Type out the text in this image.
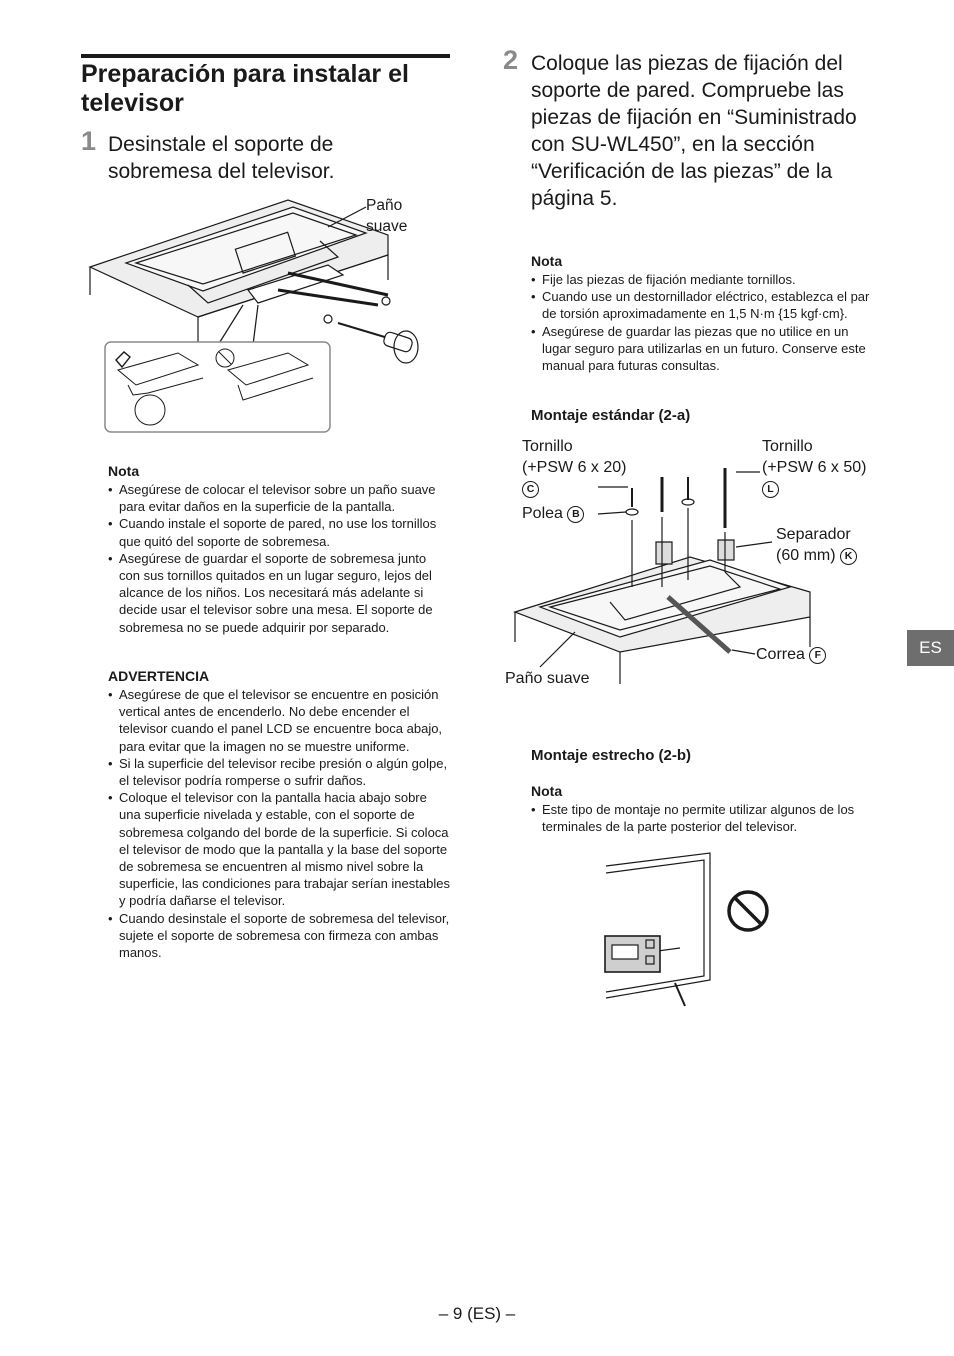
Preparación para instalar el televisor
1 Desinstale el soporte de sobremesa del televisor.
Paño suave
Nota
• Asegúrese de colocar el televisor sobre un paño suave para evitar daños en la superficie de la pantalla.
• Cuando instale el soporte de pared, no use los tornillos que quitó del soporte de sobremesa.
• Asegúrese de guardar el soporte de sobremesa junto con sus tornillos quitados en un lugar seguro, lejos del alcance de los niños. Los necesitará más adelante si decide usar el televisor sobre una mesa. El soporte de sobremesa no se puede adquirir por separado.
ADVERTENCIA
• Asegúrese de que el televisor se encuentre en posición vertical antes de encenderlo. No debe encender el televisor cuando el panel LCD se encuentre boca abajo, para evitar que la imagen no se muestre uniforme.
• Si la superficie del televisor recibe presión o algún golpe, el televisor podría romperse o sufrir daños.
• Coloque el televisor con la pantalla hacia abajo sobre una superficie nivelada y estable, con el soporte de sobremesa colgando del borde de la superficie. Si coloca el televisor de modo que la pantalla y la base del soporte de sobremesa se encuentren al mismo nivel sobre la superficie, las condiciones para trabajar serían inestables y podría dañarse el televisor.
• Cuando desinstale el soporte de sobremesa del televisor, sujete el soporte de sobremesa con firmeza con ambas manos.
2 Coloque las piezas de fijación del soporte de pared. Compruebe las piezas de fijación en “Suministrado con SU-WL450”, en la sección “Verificación de las piezas” de la página 5.
Nota
• Fije las piezas de fijación mediante tornillos.
• Cuando use un destornillador eléctrico, establezca el par de torsión aproximadamente en 1,5 N·m {15 kgf·cm}.
• Asegúrese de guardar las piezas que no utilice en un lugar seguro para utilizarlas en un futuro. Conserve este manual para futuras consultas.
Montaje estándar (2-a)
Tornillo
(+PSW 6 x 20)
C
Tornillo
(+PSW 6 x 50)
L
Polea B
Separador
(60 mm) K
Correa F
Paño suave
Montaje estrecho (2-b)
Nota
• Este tipo de montaje no permite utilizar algunos de los terminales de la parte posterior del televisor.
ES
– 9 (ES) –
